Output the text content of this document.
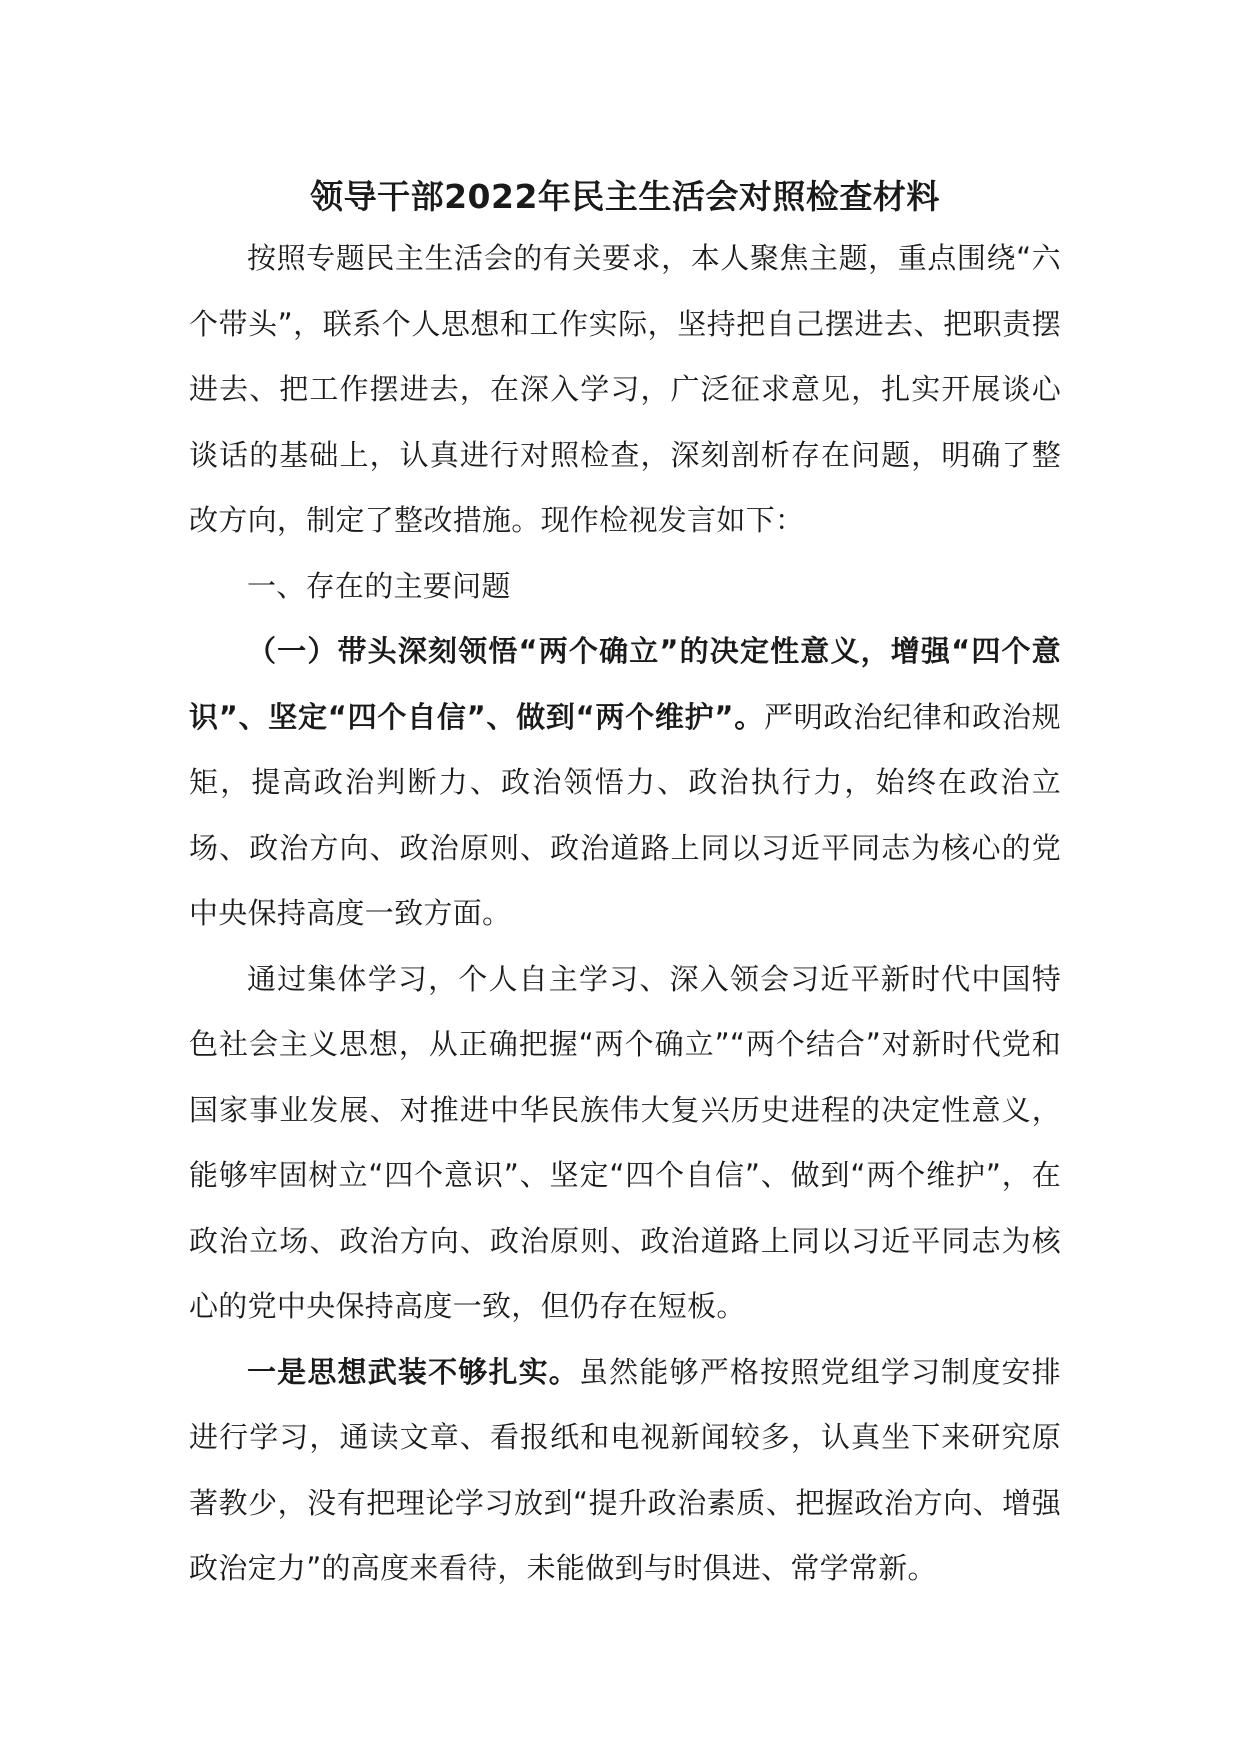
领导干部2022年民主生活会对照检查材料

按照专题民主生活会的有关要求，本人聚焦主题，重点围绕“六个带头”，联系个人思想和工作实际，坚持把自己摆进去、把职责摆进去、把工作摆进去，在深入学习，广泛征求意见，扎实开展谈心谈话的基础上，认真进行对照检查，深刻剖析存在问题，明确了整改方向，制定了整改措施。现作检视发言如下：

一、存在的主要问题

（一）带头深刻领悟“两个确立”的决定性意义，增强“四个意识”、坚定“四个自信”、做到“两个维护”。严明政治纪律和政治规矩，提高政治判断力、政治领悟力、政治执行力，始终在政治立场、政治方向、政治原则、政治道路上同以习近平同志为核心的党中央保持高度一致方面。

通过集体学习，个人自主学习、深入领会习近平新时代中国特色社会主义思想，从正确把握“两个确立”“两个结合”对新时代党和国家事业发展、对推进中华民族伟大复兴历史进程的决定性意义，能够牢固树立“四个意识”、坚定“四个自信”、做到“两个维护”，在政治立场、政治方向、政治原则、政治道路上同以习近平同志为核心的党中央保持高度一致，但仍存在短板。

一是思想武装不够扎实。虽然能够严格按照党组学习制度安排进行学习，通读文章、看报纸和电视新闻较多，认真坐下来研究原著教少，没有把理论学习放到“提升政治素质、把握政治方向、增强政治定力”的高度来看待，未能做到与时俱进、常学常新。
